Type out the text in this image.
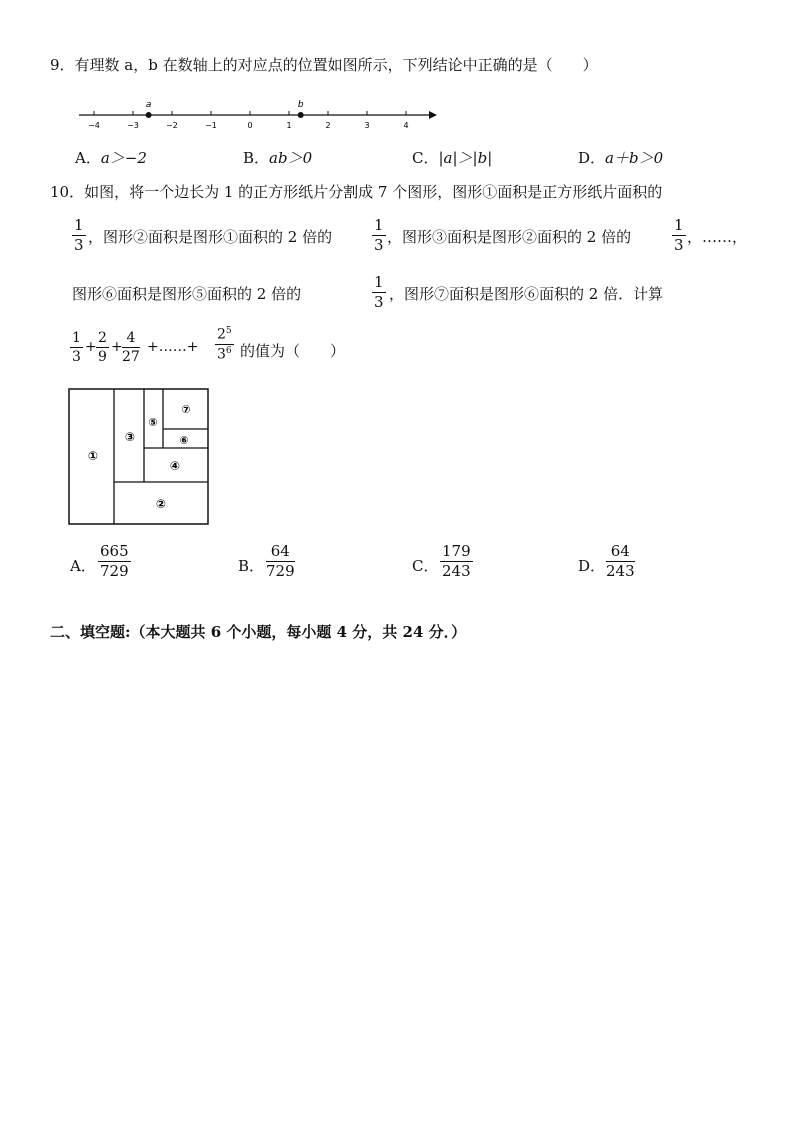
9．有理数 a，b 在数轴上的对应点的位置如图所示，下列结论中正确的是（　　）
−4	−3	−2	−1	0	1	2	3	4
a	b
A．a＞−2	B．ab＞0	C．|a|＞|b|	D．a＋b＞0
10．如图，将一个边长为 1 的正方形纸片分割成 7 个图形，图形①面积是正方形纸片面积的
$\frac{1}{3}$ ，图形②面积是图形①面积的 2 倍的	$\frac{1}{3}$ ，图形③面积是图形②面积的 2 倍的	$\frac{1}{3}$ ，……，
图形⑥面积是图形⑤面积的 2 倍的	$\frac{1}{3}$ ，图形⑦面积是图形⑥面积的 2 倍．计算
$\frac{1}{3} + \frac{2}{9} + \frac{4}{27}$ +……+ $\frac{2^5}{3^6}$ 的值为（　　）
①
②
③
④
⑤
⑥
⑦
A． $\frac{665}{729}$	B． $\frac{64}{729}$	C． $\frac{179}{243}$	D． $\frac{64}{243}$
二、填空题:（本大题共 6 个小题，每小题 4 分，共 24 分．）
